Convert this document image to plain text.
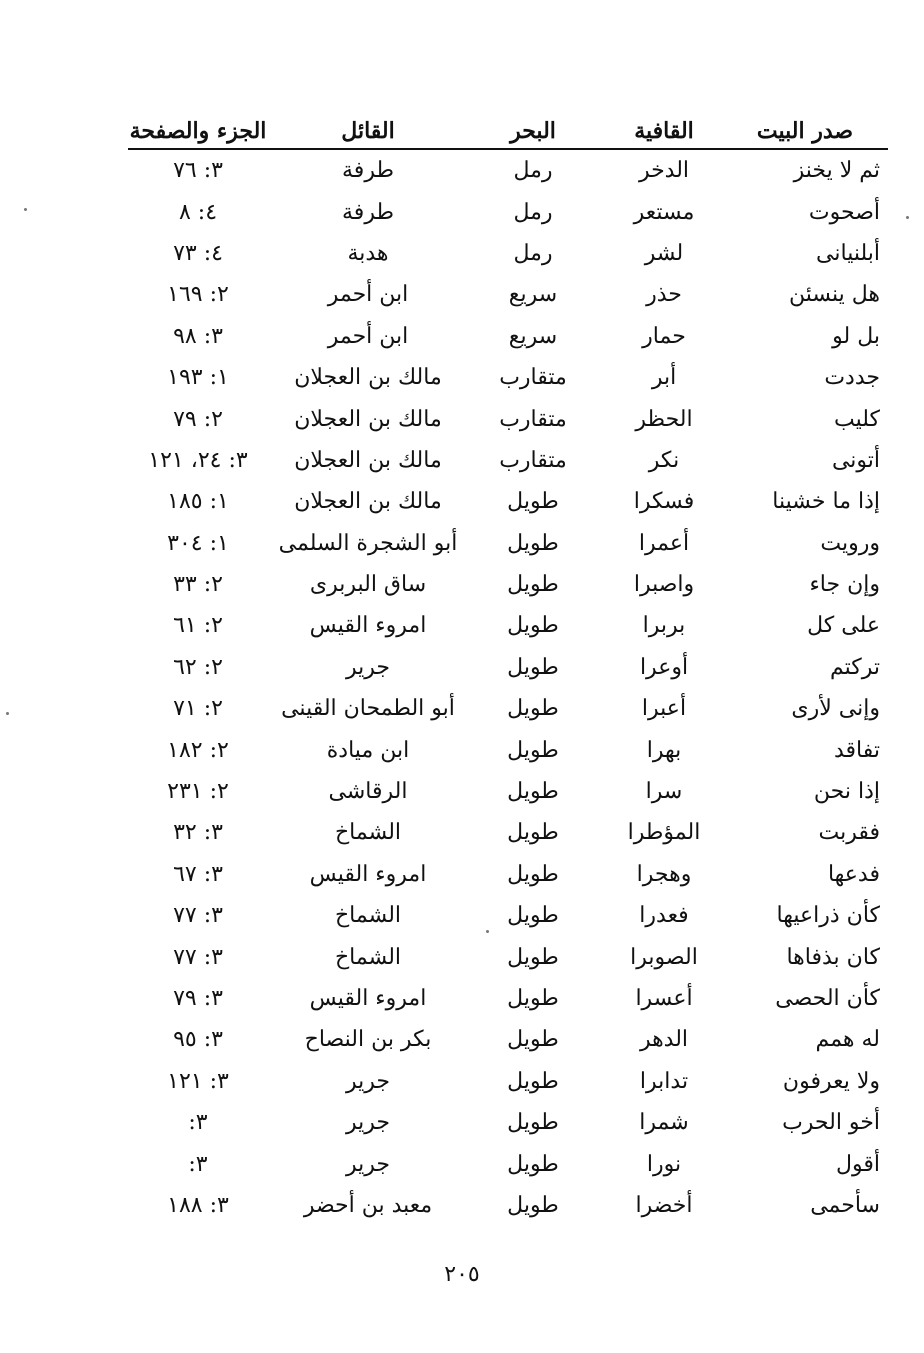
صدر البيت	القافية	البحر	القائل	الجزء والصفحة
ثم لا يخنز	الدخر	رمل	طرفة	٣: ٧٦
أصحوت	مستعر	رمل	طرفة	٤: ٨
أبلنيانى	لشر	رمل	هدبة	٤: ٧٣
هل ينسئن	حذر	سريع	ابن أحمر	٢: ١٦٩
بل لو	حمار	سريع	ابن أحمر	٣: ٩٨
جددت	أبر	متقارب	مالك بن العجلان	١: ١٩٣
كليب	الحظر	متقارب	مالك بن العجلان	٢: ٧٩
أتونى	نكر	متقارب	مالك بن العجلان	٣: ٢٤، ١٢١
إذا ما خشينا	فسكرا	طويل	مالك بن العجلان	١: ١٨٥
ورويت	أعمرا	طويل	أبو الشجرة السلمى	١: ٣٠٤
وإن جاء	واصبرا	طويل	ساق البربرى	٢: ٣٣
على كل	بربرا	طويل	امروء القيس	٢: ٦١
تركتم	أوعرا	طويل	جرير	٢: ٦٢
وإنى لأرى	أعبرا	طويل	أبو الطمحان القينى	٢: ٧١
تفاقد	بهرا	طويل	ابن ميادة	٢: ١٨٢
إذا نحن	سرا	طويل	الرقاشى	٢: ٢٣١
فقربت	المؤطرا	طويل	الشماخ	٣: ٣٢
فدعها	وهجرا	طويل	امروء القيس	٣: ٦٧
كأن ذراعيها	فعدرا	طويل	الشماخ	٣: ٧٧
كان بذفاها	الصوبرا	طويل	الشماخ	٣: ٧٧
كأن الحصى	أعسرا	طويل	امروء القيس	٣: ٧٩
له همم	الدهر	طويل	بكر بن النصاح	٣: ٩٥
ولا يعرفون	تدابرا	طويل	جرير	٣: ١٢١
أخو الحرب	شمرا	طويل	جرير	٣:
أقول	نورا	طويل	جرير	٣:
سأحمى	أخضرا	طويل	معبد بن أحضر	٣: ١٨٨
٢٠٥
